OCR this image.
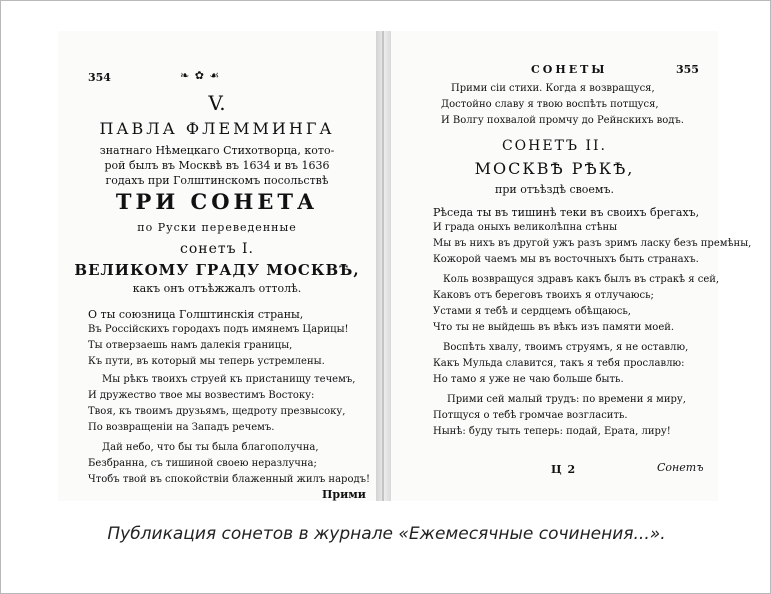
354	❧ ✿ ☙
V.
ПАВЛА ФЛЕММИНГА
знатнаго Нѣмецкаго Стихотворца, кото-
рой былъ въ Москвѣ въ 1634 и въ 1636
годахъ при Голштинскомъ посольствѣ
ТРИ СОНЕТА
по Руски переведенные
сонетъ I.
ВЕЛИКОМУ ГРАДУ МОСКВѢ,
какъ онъ отъѣжжалъ оттолѣ.
О ты союзница Голштинскія страны,
Въ Россійскихъ городахъ подъ имянемъ Царицы!
Ты отверзаешь намъ далекія границы,
Къ пути, въ который мы теперь устремлены.
Мы рѣкъ твоихъ струей къ пристанищу течемъ,
И дружество твое мы возвестимъ Востоку:
Твоя, къ твоимъ друзьямъ, щедроту презвысоку,
По возвращеніи на Западъ речемъ.
Дай небо, что бы ты была благополучна,
Безбранна, съ тишиной своею неразлучна;
Чтобъ твой въ спокойствіи блаженный жилъ народъ!
Прими
СОНЕТЫ	355
Прими сіи стихи. Когда я возвращуся,
Достойно славу я твою воспѣть потщуся,
И Волгу похвалой промчу до Рейнскихъ водъ.
СОНЕТЪ II.
МОСКВѢ РѢКѢ,
при отъѣздѣ своемъ.
Рѣседа ты въ тишинѣ теки въ своихъ брегахъ,
И града оныхъ великолѣпна стѣны
Мы въ нихъ въ другой ужъ разъ зримъ ласку безъ премѣны,
Кожорой чаемъ мы въ восточныхъ быть странахъ.
Коль возвращуся здравъ какъ былъ въ стракѣ я сей,
Каковъ отъ береговъ твоихъ я отлучаюсь;
Устами я тебѣ и сердцемъ обѣщаюсь,
Что ты не выйдешь въ вѣкъ изъ памяти моей.
Воспѣть хвалу, твоимъ струямъ, я не оставлю,
Какъ Мульда славится, такъ я тебя прославлю:
Но тамо я уже не чаю больше быть.
Прими сей малый трудъ: по времени я миру,
Потщуся о тебѣ громчае возгласить.
Нынѣ: буду тыть теперь: подай, Ерата, лиру!
Ц 2	Сонетъ
Публикация сонетов в журнале «Ежемесячные сочинения...».
